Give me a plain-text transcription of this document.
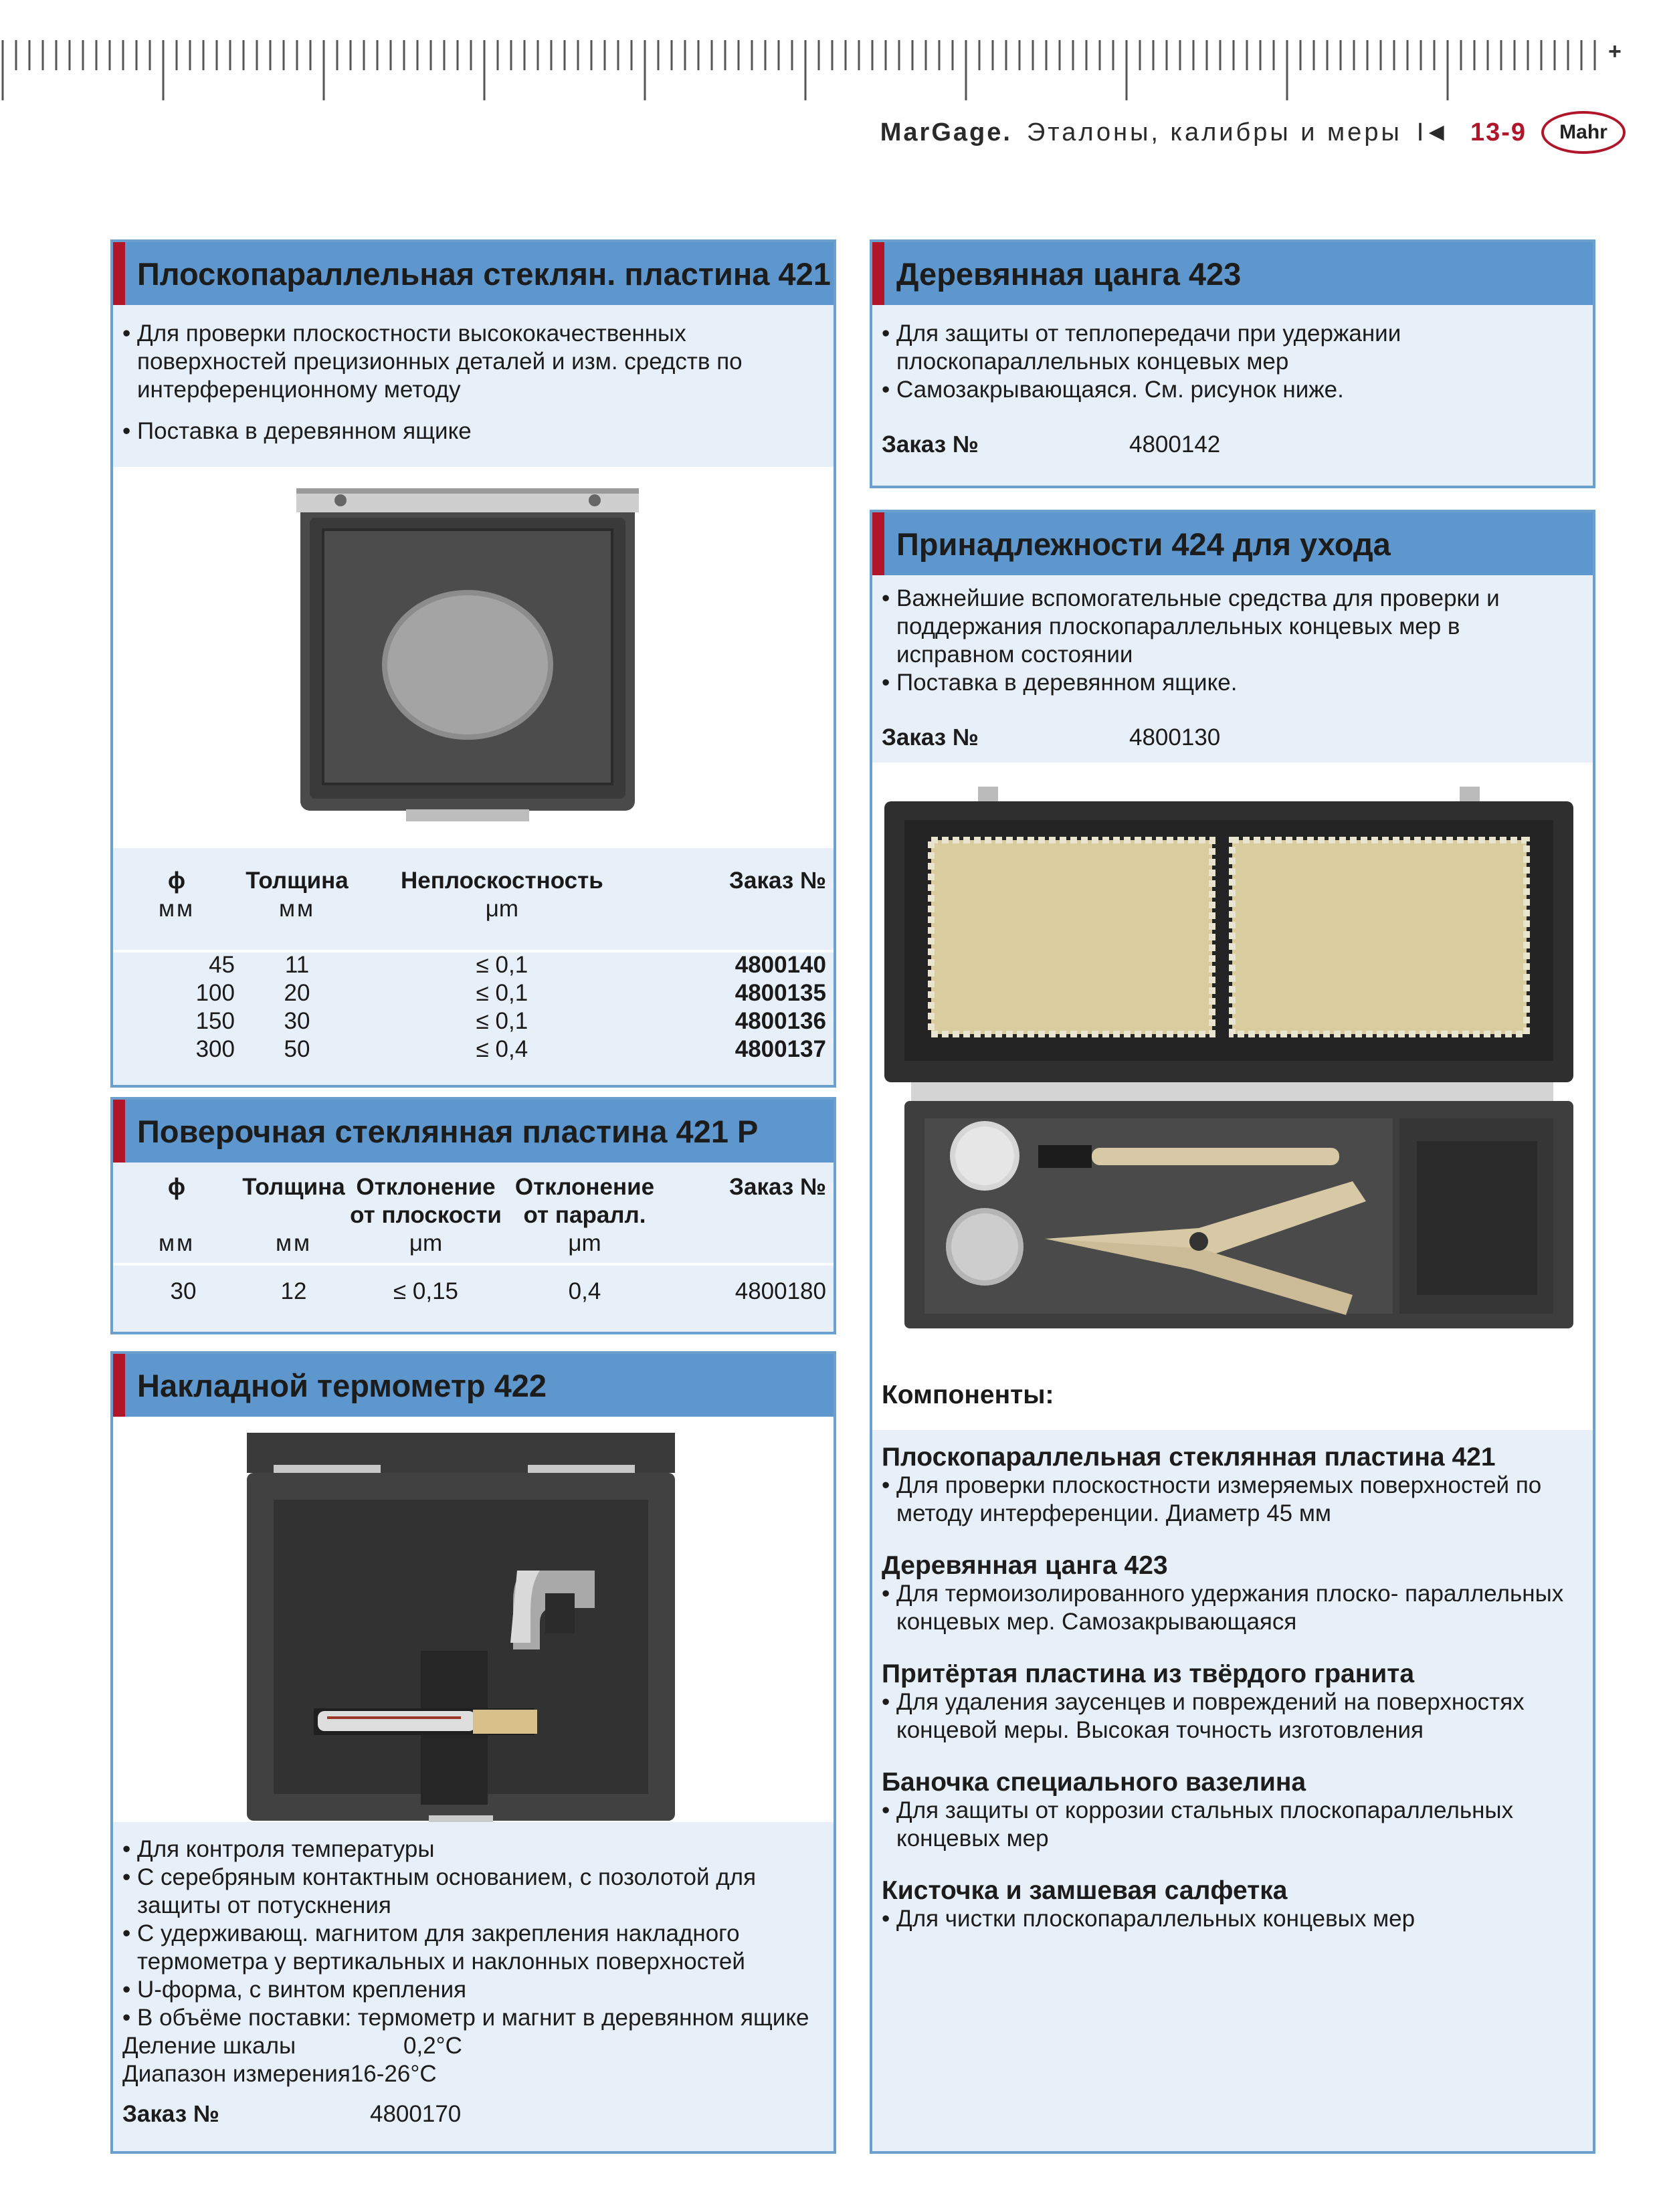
+
MarGage. Эталоны, калибры и меры I◄ 13-9	Mahr
Плоскопараллельная стеклян. пластина 421
• Для проверки плоскостности высококачественных поверхностей прецизионных деталей и изм. средств по интерференционному методу
• Поставка в деревянном ящике
ϕ	Толщина	Неплоскостность	Заказ №
мм	мм	μm	

45	11	≤ 0,1	4800140
100	20	≤ 0,1	4800135
150	30	≤ 0,1	4800136
300	50	≤ 0,4	4800137
Поверочная стеклянная пластина 421 Р
ϕ	Толщина	Отклонение	Отклонение	Заказ №
		от плоскости	от паралл.	
мм	мм	μm	μm	

30	12	≤ 0,15	0,4	4800180
Накладной термометр 422
• Для контроля температуры
• С серебряным контактным основанием, с позолотой для защиты от потускнения
• С удерживающ. магнитом для закрепления накладного термометра у вертикальных и наклонных поверхностей
• U-форма, с винтом крепления
• В объёме поставки: термометр и магнит в деревянном ящике
Деление шкалы	0,2°С
Диапазон измерения 16-26°С
Заказ №	4800170
Деревянная цанга 423
• Для защиты от теплопередачи при удержании плоскопараллельных концевых мер
• Самозакрывающаяся. См. рисунок ниже.
Заказ №	4800142
Принадлежности 424 для ухода
• Важнейшие вспомогательные средства для проверки и поддержания плоскопараллельных концевых мер в исправном состоянии
• Поставка в деревянном ящике.
Заказ №	4800130
Компоненты:
Плоскопараллельная стеклянная пластина 421
• Для проверки плоскостности измеряемых поверхностей по методу интерференции. Диаметр 45 мм
Деревянная цанга 423
• Для термоизолированного удержания плоско- параллельных концевых мер. Самозакрывающаяся
Притёртая пластина из твёрдого гранита
• Для удаления заусенцев и повреждений на поверхностях концевой меры. Высокая точность изготовления
Баночка специального вазелина
• Для защиты от коррозии стальных плоскопараллельных концевых мер
Кисточка и замшевая салфетка
• Для чистки плоскопараллельных концевых мер
